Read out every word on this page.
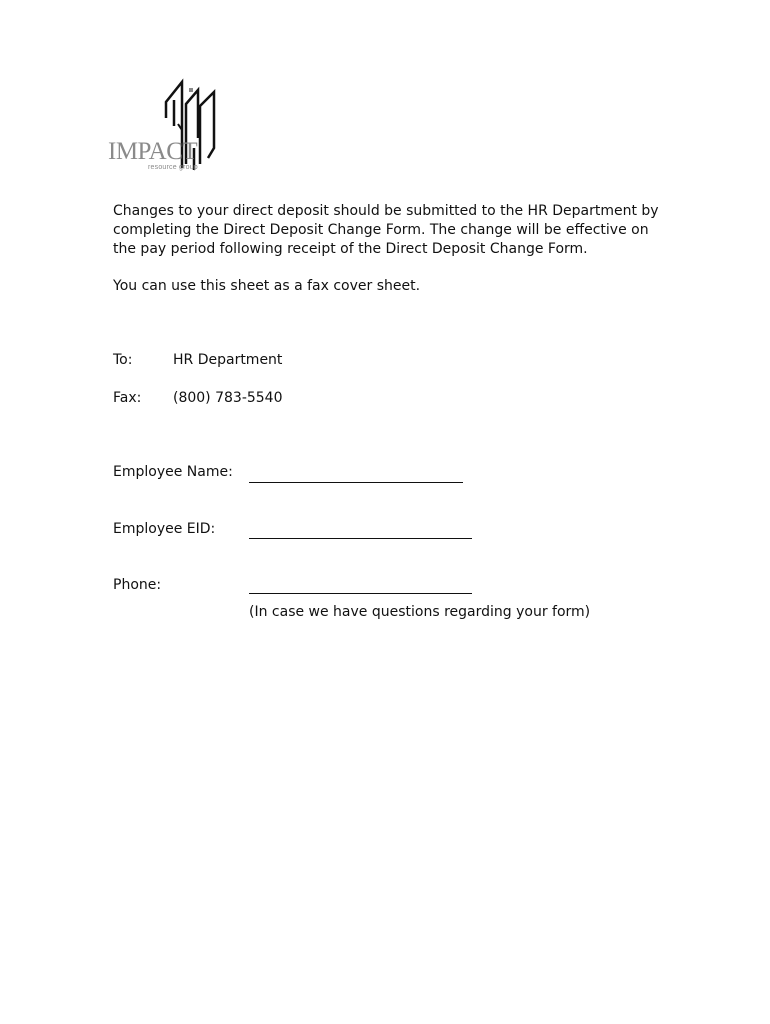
IMPACT
resource group

Changes to your direct deposit should be submitted to the HR Department by completing the Direct Deposit Change Form. The change will be effective on the pay period following receipt of the Direct Deposit Change Form.

You can use this sheet as a fax cover sheet.

To:	HR Department
Fax: (800) 783-5540
Employee Name:
Employee EID:
Phone:
(In case we have questions regarding your form)
